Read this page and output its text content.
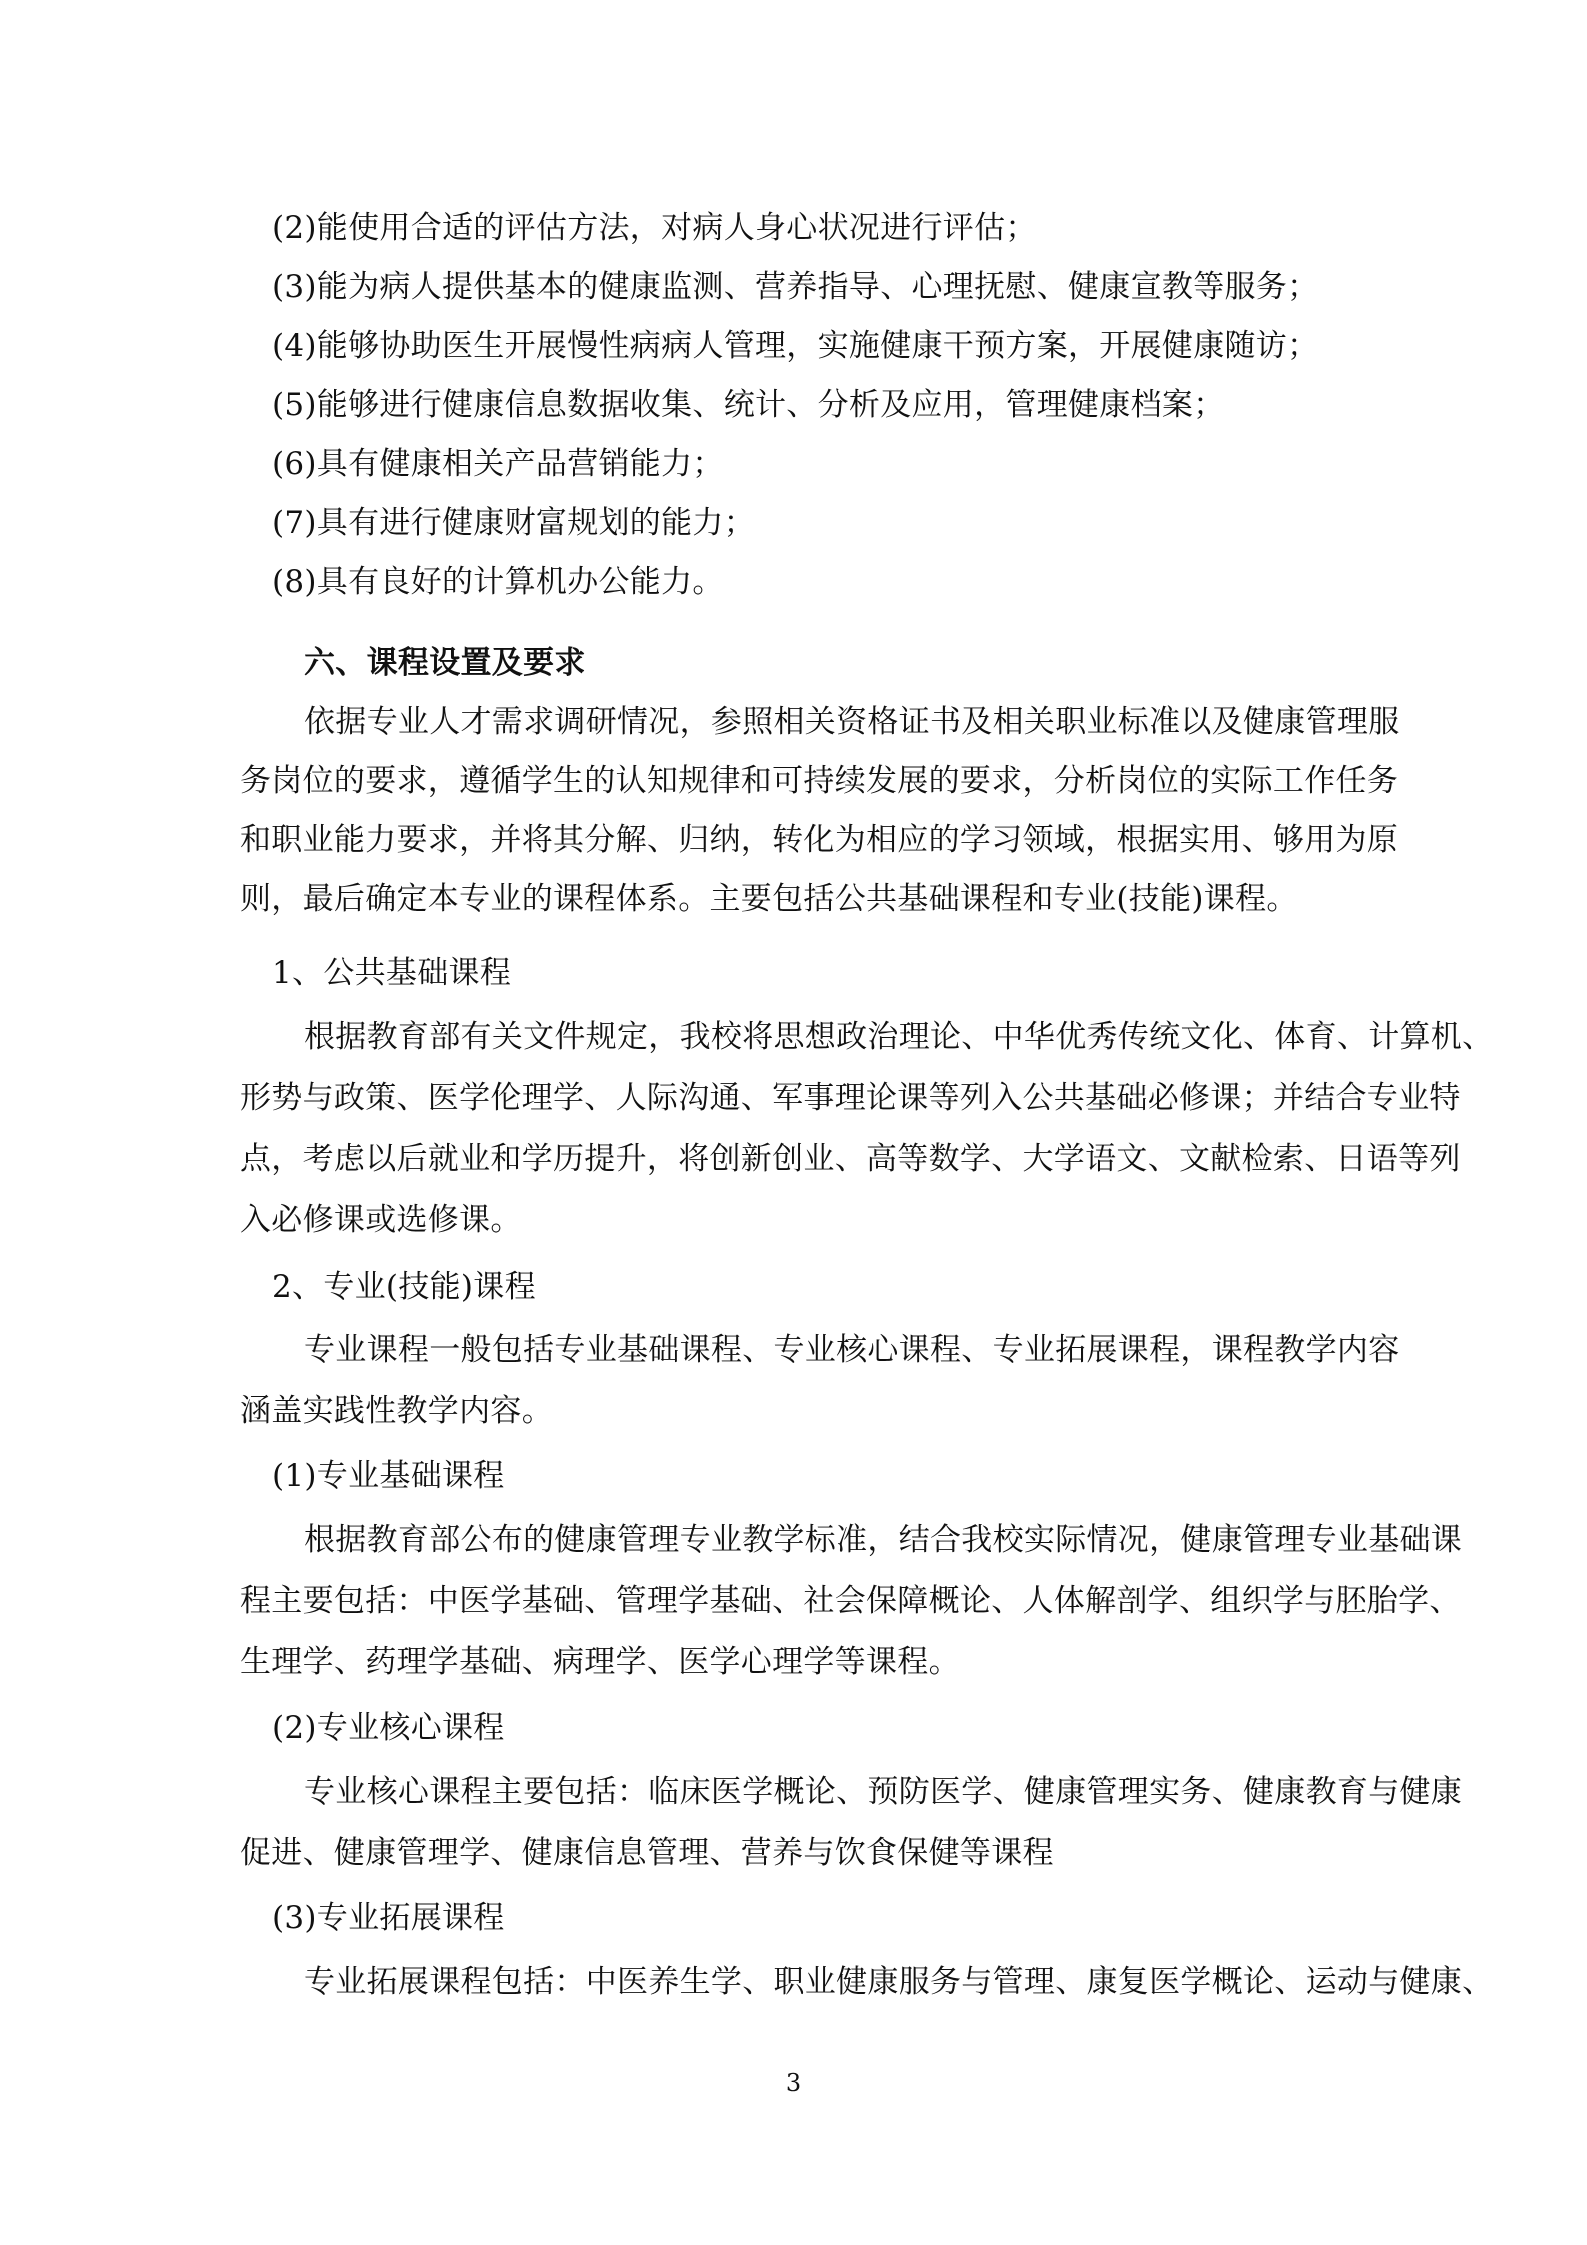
(2)能使用合适的评估方法，对病人身心状况进行评估；
(3)能为病人提供基本的健康监测、营养指导、心理抚慰、健康宣教等服务；
(4)能够协助医生开展慢性病病人管理，实施健康干预方案，开展健康随访；
(5)能够进行健康信息数据收集、统计、分析及应用，管理健康档案；
(6)具有健康相关产品营销能力；
(7)具有进行健康财富规划的能力；
(8)具有良好的计算机办公能力。
六、课程设置及要求
依据专业人才需求调研情况，参照相关资格证书及相关职业标准以及健康管理服
务岗位的要求，遵循学生的认知规律和可持续发展的要求，分析岗位的实际工作任务
和职业能力要求，并将其分解、归纳，转化为相应的学习领域，根据实用、够用为原
则，最后确定本专业的课程体系。主要包括公共基础课程和专业(技能)课程。
1、公共基础课程
根据教育部有关文件规定，我校将思想政治理论、中华优秀传统文化、体育、计算机、
形势与政策、医学伦理学、人际沟通、军事理论课等列入公共基础必修课；并结合专业特
点，考虑以后就业和学历提升，将创新创业、高等数学、大学语文、文献检索、日语等列
入必修课或选修课。
2、专业(技能)课程
专业课程一般包括专业基础课程、专业核心课程、专业拓展课程，课程教学内容
涵盖实践性教学内容。
(1)专业基础课程
根据教育部公布的健康管理专业教学标准，结合我校实际情况，健康管理专业基础课
程主要包括：中医学基础、管理学基础、社会保障概论、人体解剖学、组织学与胚胎学、
生理学、药理学基础、病理学、医学心理学等课程。
(2)专业核心课程
专业核心课程主要包括：临床医学概论、预防医学、健康管理实务、健康教育与健康
促进、健康管理学、健康信息管理、营养与饮食保健等课程
(3)专业拓展课程
专业拓展课程包括：中医养生学、职业健康服务与管理、康复医学概论、运动与健康、
3
